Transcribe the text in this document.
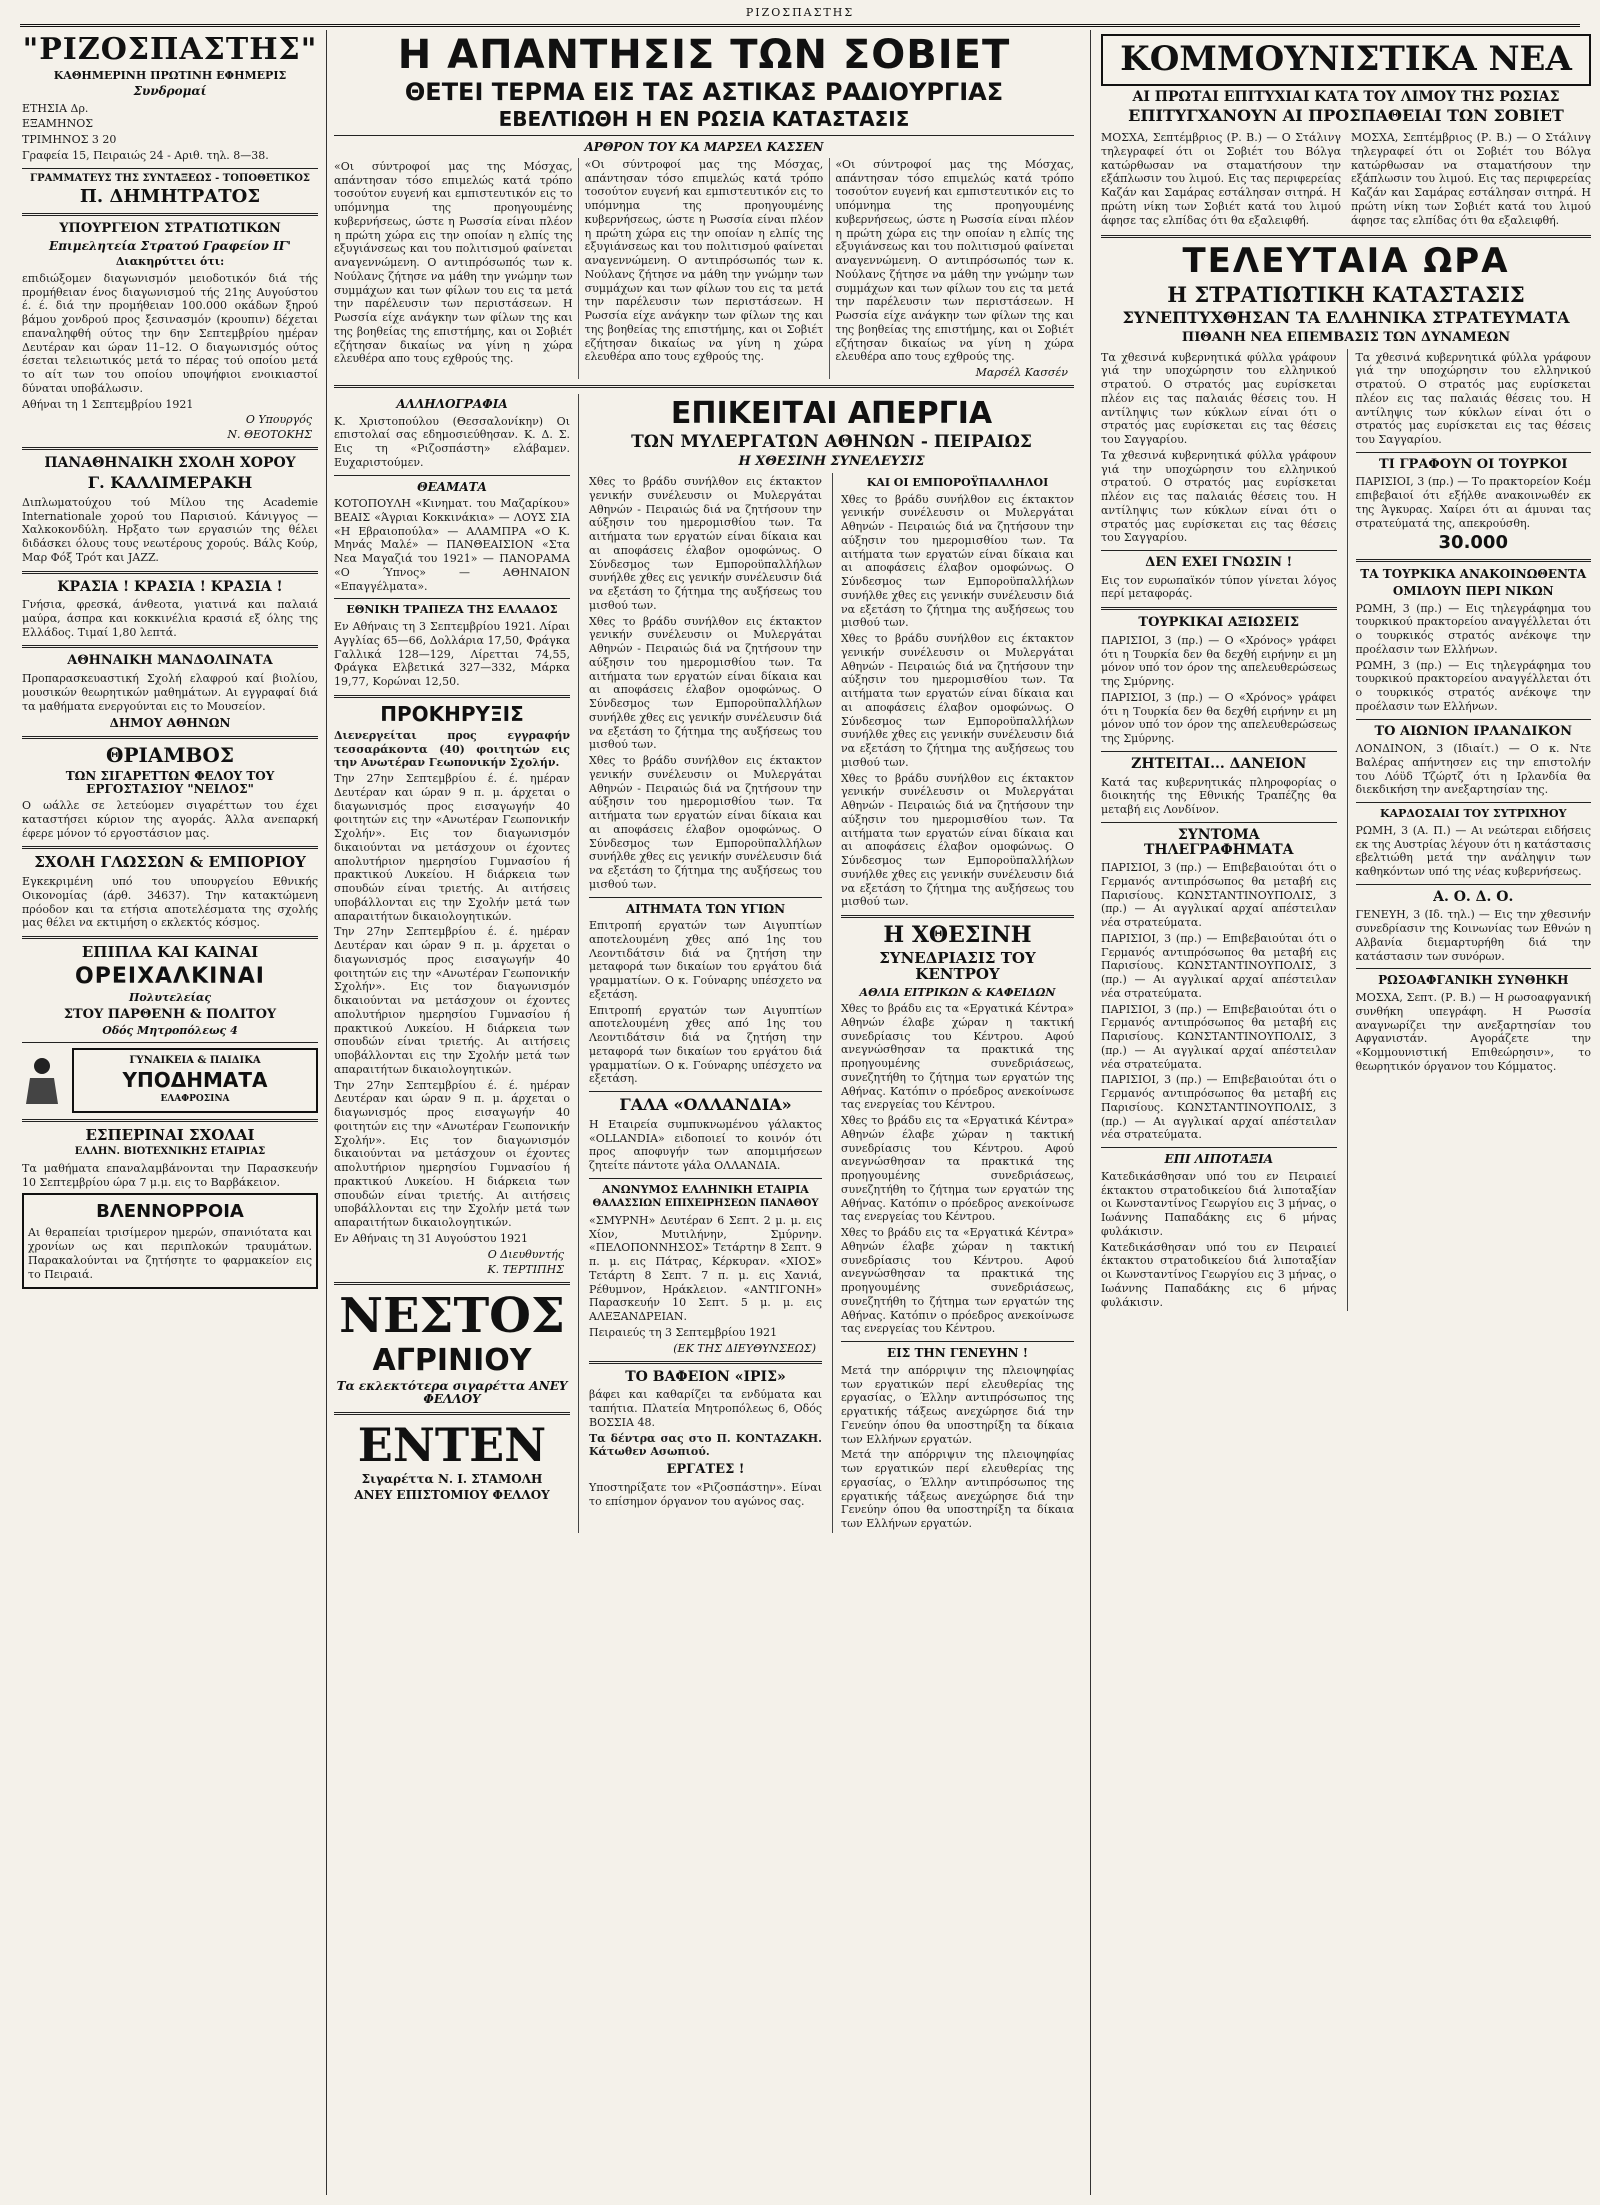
ΡΙΖΟΣΠΑΣΤΗΣ
"ΡΙΖΟΣΠΑΣΤΗΣ"
ΚΑΘΗΜΕΡΙΝΗ ΠΡΩΤΙΝΗ ΕΦΗΜΕΡΙΣ
Συνδρομαί

ΕΤΗΣΙΑ Δρ.

ΕΞΑΜΗΝΟΣ

ΤΡΙΜΗΝΟΣ 3 20

Γραφεία 15, Πειραιώς 24 - Αριθ. τηλ. 8—38.

ΓΡΑΜΜΑΤΕΥΣ ΤΗΣ ΣΥΝΤΑΞΕΩΣ - ΤΟΠΟΘΕΤΙΚΟΣ
Π. ΔΗΜΗΤΡΑΤΟΣ
ΥΠΟΥΡΓΕΙΟΝ ΣΤΡΑΤΙΩΤΙΚΩΝ
Επιμελητεία Στρατού Γραφείον ΙΓ'
Διακηρύττει ότι:

επιδιώξομεν διαγωνισμόν μειοδοτικόν διά τής προμήθειαν ένος διαγωνισμού τής 21ης Αυγούστου έ. έ. διά την προμήθειαν 100.000 οκάδων ξηρού βάμου χονδρού προς ξεσινασμόν (κρουπιν) δέχεται επαναληφθή ούτος την 6ην Σεπτεμβρίου ημέραν Δευτέραν και ώραν 11–12. Ο διαγωνισμός ούτος έσεται τελειωτικός μετά το πέρας τού οποίου μετά το αίτ των του οποίου υποψήφιοι ενοικιαστοί δύναται υποβάλωσιν.

Αθήναι τη 1 Σεπτεμβρίου 1921

Ο Υπουργός
Ν. ΘΕΟΤΟΚΗΣ
ΠΑΝΑΘΗΝΑΙΚΗ ΣΧΟΛΗ ΧΟΡΟΥ
Γ. ΚΑΛΛΙΜΕΡΑΚΗ

Διπλωματούχου τού Μίλου της Academie Internationale χορού του Παρισιού. Κάνιγγος — Χαλκοκονδύλη. Ηρξατο των εργασιών της θέλει διδάσκει όλους τους νεωτέρους χορούς. Βάλς Κούρ, Μαρ Φόξ Τρότ και JAZZ.

ΚΡΑΣΙΑ ! ΚΡΑΣΙΑ ! ΚΡΑΣΙΑ !

Γνήσια, φρεσκά, άνθεοτα, γιατινά και παλαιά μαύρα, άσπρα και κοκκινέλια κρασιά εξ όλης της Ελλάδος. Τιμαί 1,80 λεπτά.

ΑΘΗΝΑΙΚΗ ΜΑΝΔΟΛΙΝΑΤΑ

Προπαρασκευαστική Σχολή ελαφρού καί βιολίου, μουσικών θεωρητικών μαθημάτων. Αι εγγραφαί διά τα μαθήματα ενεργούνται εις το Μουσείον.

ΔΗΜΟΥ ΑΘΗΝΩΝ
ΘΡΙΑΜΒΟΣ
ΤΩΝ ΣΙΓΑΡΕΤΤΩΝ ΦΕΛΟΥ ΤΟΥ ΕΡΓΟΣΤΑΣΙΟΥ "ΝΕΙΛΟΣ"

Ο ωάλλε σε λετεύομεν σιγαρέττων του έχει καταστήσει κύριον της αγοράς. Άλλα ανεπαρκή έφερε μόνον τό εργοστάσιον μας.

ΣΧΟΛΗ ΓΛΩΣΣΩΝ & ΕΜΠΟΡΙΟΥ

Εγκεκριμένη υπό του υπουργείου Εθνικής Οικονομίας (άρθ. 34637). Την κατακτώμενη πρόοδον και τα ετήσια αποτελέσματα της σχολής μας θέλει να εκτιμήση ο εκλεκτός κόσμος.

ΕΠΙΠΛΑ ΚΑΙ ΚΑΙΝΑΙ
ΟΡΕΙΧΑΛΚΙΝΑΙ
Πολυτελείας
ΣΤΟΥ ΠΑΡΘΕΝΗ & ΠΟΛΙΤΟΥ
Οδός Μητροπόλεως 4
ΓΥΝΑΙΚΕΙΑ & ΠΑΙΔΙΚΑ
ΥΠΟΔΗΜΑΤΑ
ΕΛΑΦΡΟΣΙΝΑ
ΕΣΠΕΡΙΝΑΙ ΣΧΟΛΑΙ
ΕΛΛΗΝ. ΒΙΟΤΕΧΝΙΚΗΣ ΕΤΑΙΡΙΑΣ

Τα μαθήματα επαναλαμβάνονται την Παρασκευήν 10 Σεπτεμβρίου ώρα 7 μ.μ. εις το Βαρβάκειον.

ΒΛΕΝΝΟΡΡΟΙΑ

Αι θεραπείαι τρισίμερον ημερών, σπανιότατα και χρονίων ως και περιπλοκών τραυμάτων. Παρακαλούνται να ζητήσητε το φαρμακείον εις το Πειραιά.

Η ΑΠΑΝΤΗΣΙΣ ΤΩΝ ΣΟΒΙΕΤ
ΘΕΤΕΙ ΤΕΡΜΑ ΕΙΣ ΤΑΣ ΑΣΤΙΚΑΣ ΡΑΔΙΟΥΡΓΙΑΣ
ΕΒΕΛΤΙΩΘΗ Η ΕΝ ΡΩΣΙΑ ΚΑΤΑΣΤΑΣΙΣ
ΑΡΘΡΟΝ ΤΟΥ ΚΑ ΜΑΡΣΕΛ ΚΑΣΣΕΝ

«Οι σύντροφοί μας της Μόσχας, απάντησαν τόσο επιμελώς κατά τρόπο τοσούτον ευγενή και εμπιστευτικόν εις το υπόμνημα της προηγουμένης κυβερνήσεως, ώστε η Ρωσσία είναι πλέον η πρώτη χώρα εις την οποίαν η ελπίς της εξυγιάνσεως και του πολιτισμού φαίνεται αναγεννώμενη. Ο αντιπρόσωπός των κ. Νούλανς ζήτησε να μάθη την γνώμην των συμμάχων και των φίλων του εις τα μετά την παρέλευσιν των περιστάσεων. Η Ρωσσία είχε ανάγκην των φίλων της και της βοηθείας της επιστήμης, και οι Σοβιέτ εζήτησαν δικαίως να γίνη η χώρα ελευθέρα απο τους εχθρούς της.

«Οι σύντροφοί μας της Μόσχας, απάντησαν τόσο επιμελώς κατά τρόπο τοσούτον ευγενή και εμπιστευτικόν εις το υπόμνημα της προηγουμένης κυβερνήσεως, ώστε η Ρωσσία είναι πλέον η πρώτη χώρα εις την οποίαν η ελπίς της εξυγιάνσεως και του πολιτισμού φαίνεται αναγεννώμενη. Ο αντιπρόσωπός των κ. Νούλανς ζήτησε να μάθη την γνώμην των συμμάχων και των φίλων του εις τα μετά την παρέλευσιν των περιστάσεων. Η Ρωσσία είχε ανάγκην των φίλων της και της βοηθείας της επιστήμης, και οι Σοβιέτ εζήτησαν δικαίως να γίνη η χώρα ελευθέρα απο τους εχθρούς της.

«Οι σύντροφοί μας της Μόσχας, απάντησαν τόσο επιμελώς κατά τρόπο τοσούτον ευγενή και εμπιστευτικόν εις το υπόμνημα της προηγουμένης κυβερνήσεως, ώστε η Ρωσσία είναι πλέον η πρώτη χώρα εις την οποίαν η ελπίς της εξυγιάνσεως και του πολιτισμού φαίνεται αναγεννώμενη. Ο αντιπρόσωπός των κ. Νούλανς ζήτησε να μάθη την γνώμην των συμμάχων και των φίλων του εις τα μετά την παρέλευσιν των περιστάσεων. Η Ρωσσία είχε ανάγκην των φίλων της και της βοηθείας της επιστήμης, και οι Σοβιέτ εζήτησαν δικαίως να γίνη η χώρα ελευθέρα απο τους εχθρούς της.

Μαρσέλ Κασσέν
ΑΛΛΗΛΟΓΡΑΦΙΑ

Κ. Χριστοπούλου (Θεσσαλονίκην) Οι επιστολαί σας εδημοσιεύθησαν. Κ. Δ. Σ. Εις τη «Ριζοσπάστη» ελάβαμεν. Ευχαριστούμεν.

ΘΕΑΜΑΤΑ

ΚΟΤΟΠΟΥΛΗ «Κινηματ. του Μαζαρίκου» ΒΕΑΙΣ «Άγριαι Κοκκινάκια» — ΛΟΥΣ ΣΙΑ «Η Εβραιοπούλα» — ΑΛΑΜΠΡΑ «Ο Κ. Μηνάς Μαλέ» — ΠΑΝΘΕΑΙΣΙΟΝ «Στα Νεα Μαγαζιά του 1921» — ΠΑΝΟΡΑΜΑ «Ο Ύπνος» — ΑΘΗΝΑΙΟΝ «Επαγγέλματα».

ΕΘΝΙΚΗ ΤΡΑΠΕΖΑ ΤΗΣ ΕΛΛΑΔΟΣ

Εν Αθήναις τη 3 Σεπτεμβρίου 1921. Λίραι Αγγλίας 65—66, Δολλάρια 17,50, Φράγκα Γαλλικά 128—129, Λίρετται 74,55, Φράγκα Ελβετικά 327—332, Μάρκα 19,77, Κορώναι 12,50.

ΠΡΟΚΗΡΥΞΙΣ

Διενεργείται προς εγγραφήν τεσσαράκοντα (40) φοιτητών εις την Ανωτέραν Γεωπονικήν Σχολήν.

Την 27ην Σεπτεμβρίου έ. έ. ημέραν Δευτέραν και ώραν 9 π. μ. άρχεται ο διαγωνισμός προς εισαγωγήν 40 φοιτητών εις την «Ανωτέραν Γεωπονικήν Σχολήν». Εις τον διαγωνισμόν δικαιούνται να μετάσχουν οι έχοντες απολυτήριον ημερησίου Γυμνασίου ή πρακτικού Λυκείου. Η διάρκεια των σπουδών είναι τριετής. Αι αιτήσεις υποβάλλονται εις την Σχολήν μετά των απαραιτήτων δικαιολογητικών.

Την 27ην Σεπτεμβρίου έ. έ. ημέραν Δευτέραν και ώραν 9 π. μ. άρχεται ο διαγωνισμός προς εισαγωγήν 40 φοιτητών εις την «Ανωτέραν Γεωπονικήν Σχολήν». Εις τον διαγωνισμόν δικαιούνται να μετάσχουν οι έχοντες απολυτήριον ημερησίου Γυμνασίου ή πρακτικού Λυκείου. Η διάρκεια των σπουδών είναι τριετής. Αι αιτήσεις υποβάλλονται εις την Σχολήν μετά των απαραιτήτων δικαιολογητικών.

Την 27ην Σεπτεμβρίου έ. έ. ημέραν Δευτέραν και ώραν 9 π. μ. άρχεται ο διαγωνισμός προς εισαγωγήν 40 φοιτητών εις την «Ανωτέραν Γεωπονικήν Σχολήν». Εις τον διαγωνισμόν δικαιούνται να μετάσχουν οι έχοντες απολυτήριον ημερησίου Γυμνασίου ή πρακτικού Λυκείου. Η διάρκεια των σπουδών είναι τριετής. Αι αιτήσεις υποβάλλονται εις την Σχολήν μετά των απαραιτήτων δικαιολογητικών.

Εν Αθήναις τη 31 Αυγούστου 1921

Ο Διευθυντής
Κ. ΤΕΡΤΙΠΗΣ
ΝΕΣΤΟΣ
ΑΓΡΙΝΙΟΥ
Τα εκλεκτότερα σιγαρέττα ΑΝΕΥ ΦΕΛΛΟΥ
ΕΝΤΕΝ
Σιγαρέττα Ν. Ι. ΣΤΑΜΟΛΗ
ΑΝΕΥ ΕΠΙΣΤΟΜΙΟΥ ΦΕΛΛΟΥ
ΕΠΙΚΕΙΤΑΙ ΑΠΕΡΓΙΑ
ΤΩΝ ΜΥΛΕΡΓΑΤΩΝ ΑΘΗΝΩΝ - ΠΕΙΡΑΙΩΣ
Η ΧΘΕΣΙΝΗ ΣΥΝΕΛΕΥΣΙΣ

Χθες το βράδυ συνήλθον εις έκτακτον γενικήν συνέλευσιν οι Μυλεργάται Αθηνών - Πειραιώς διά να ζητήσουν την αύξησιν του ημερομισθίου των. Τα αιτήματα των εργατών είναι δίκαια και αι αποφάσεις έλαβον ομοφώνως. Ο Σύνδεσμος των Εμποροϋπαλλήλων συνήλθε χθες εις γενικήν συνέλευσιν διά να εξετάση το ζήτημα της αυξήσεως του μισθού των.

Χθες το βράδυ συνήλθον εις έκτακτον γενικήν συνέλευσιν οι Μυλεργάται Αθηνών - Πειραιώς διά να ζητήσουν την αύξησιν του ημερομισθίου των. Τα αιτήματα των εργατών είναι δίκαια και αι αποφάσεις έλαβον ομοφώνως. Ο Σύνδεσμος των Εμποροϋπαλλήλων συνήλθε χθες εις γενικήν συνέλευσιν διά να εξετάση το ζήτημα της αυξήσεως του μισθού των.

Χθες το βράδυ συνήλθον εις έκτακτον γενικήν συνέλευσιν οι Μυλεργάται Αθηνών - Πειραιώς διά να ζητήσουν την αύξησιν του ημερομισθίου των. Τα αιτήματα των εργατών είναι δίκαια και αι αποφάσεις έλαβον ομοφώνως. Ο Σύνδεσμος των Εμποροϋπαλλήλων συνήλθε χθες εις γενικήν συνέλευσιν διά να εξετάση το ζήτημα της αυξήσεως του μισθού των.

ΑΙΤΗΜΑΤΑ ΤΩΝ ΥΓΙΩΝ

Επιτροπή εργατών των Αιγυπτίων αποτελουμένη χθες από 1ης του Λεοντιδάτσιν διά να ζητήση την μεταφορά των δικαίων του εργάτου διά γραμματίων. Ο κ. Γούναρης υπέσχετο να εξετάση.

Επιτροπή εργατών των Αιγυπτίων αποτελουμένη χθες από 1ης του Λεοντιδάτσιν διά να ζητήση την μεταφορά των δικαίων του εργάτου διά γραμματίων. Ο κ. Γούναρης υπέσχετο να εξετάση.

ΓΑΛΑ «ΟΛΛΑΝΔΙΑ»

Η Εταιρεία συμπυκνωμένου γάλακτος «OLLANDIA» ειδοποιεί το κοινόν ότι προς αποφυγήν των απομιμήσεων ζητείτε πάντοτε γάλα ΟΛΛΑΝΔΙΑ.

ΑΝΩΝΥΜΟΣ ΕΛΛΗΝΙΚΗ ΕΤΑΙΡΙΑ
ΘΑΛΑΣΣΙΩΝ ΕΠΙΧΕΙΡΗΣΕΩΝ ΠΑΝΑΘΟΥ

«ΣΜΥΡΝΗ» Δευτέραν 6 Σεπτ. 2 μ. μ. εις Χίον, Μυτιλήνην, Σμύρνην. «ΠΕΛΟΠΟΝΝΗΣΟΣ» Τετάρτην 8 Σεπτ. 9 π. μ. εις Πάτρας, Κέρκυραν. «ΧΙΟΣ» Τετάρτη 8 Σεπτ. 7 π. μ. εις Χανιά, Ρέθυμνον, Ηράκλειον. «ΑΝΤΙΓΟΝΗ» Παρασκευήν 10 Σεπτ. 5 μ. μ. εις ΑΛΕΞΑΝΔΡΕΙΑΝ.

Πειραιεύς τη 3 Σεπτεμβρίου 1921

(ΕΚ ΤΗΣ ΔΙΕΥΘΥΝΣΕΩΣ)
ΤΟ ΒΑΦΕΙΟΝ «ΙΡΙΣ»

βάφει και καθαρίζει τα ενδύματα και ταπήτια. Πλατεία Μητροπόλεως 6, Οδός ΒΟΣΣΙΑ 48.

Τα δέντρα σας στο Π. ΚΟΝΤΑΖΑΚΗ. Κάτωθεν Ασωπιού.

ΕΡΓΑΤΕΣ !

Υποστηρίξατε τον «Ριζοσπάστην». Είναι το επίσημον όργανον του αγώνος σας.

ΚΑΙ ΟΙ ΕΜΠΟΡΟΫΠΑΛΛΗΛΟΙ

Χθες το βράδυ συνήλθον εις έκτακτον γενικήν συνέλευσιν οι Μυλεργάται Αθηνών - Πειραιώς διά να ζητήσουν την αύξησιν του ημερομισθίου των. Τα αιτήματα των εργατών είναι δίκαια και αι αποφάσεις έλαβον ομοφώνως. Ο Σύνδεσμος των Εμποροϋπαλλήλων συνήλθε χθες εις γενικήν συνέλευσιν διά να εξετάση το ζήτημα της αυξήσεως του μισθού των.

Χθες το βράδυ συνήλθον εις έκτακτον γενικήν συνέλευσιν οι Μυλεργάται Αθηνών - Πειραιώς διά να ζητήσουν την αύξησιν του ημερομισθίου των. Τα αιτήματα των εργατών είναι δίκαια και αι αποφάσεις έλαβον ομοφώνως. Ο Σύνδεσμος των Εμποροϋπαλλήλων συνήλθε χθες εις γενικήν συνέλευσιν διά να εξετάση το ζήτημα της αυξήσεως του μισθού των.

Χθες το βράδυ συνήλθον εις έκτακτον γενικήν συνέλευσιν οι Μυλεργάται Αθηνών - Πειραιώς διά να ζητήσουν την αύξησιν του ημερομισθίου των. Τα αιτήματα των εργατών είναι δίκαια και αι αποφάσεις έλαβον ομοφώνως. Ο Σύνδεσμος των Εμποροϋπαλλήλων συνήλθε χθες εις γενικήν συνέλευσιν διά να εξετάση το ζήτημα της αυξήσεως του μισθού των.

Η ΧΘΕΣΙΝΗ
ΣΥΝΕΔΡΙΑΣΙΣ ΤΟΥ ΚΕΝΤΡΟΥ
ΑΘΛΙΑ ΕΙΤΡΙΚΩΝ & ΚΑΦΕΙΔΩΝ

Χθες το βράδυ εις τα «Εργατικά Κέντρα» Αθηνών έλαβε χώραν η τακτική συνεδρίασις του Κέντρου. Αφού ανεγνώσθησαν τα πρακτικά της προηγουμένης συνεδριάσεως, συνεζητήθη το ζήτημα των εργατών της Αθήνας. Κατόπιν ο πρόεδρος ανεκοίνωσε τας ενεργείας του Κέντρου.

Χθες το βράδυ εις τα «Εργατικά Κέντρα» Αθηνών έλαβε χώραν η τακτική συνεδρίασις του Κέντρου. Αφού ανεγνώσθησαν τα πρακτικά της προηγουμένης συνεδριάσεως, συνεζητήθη το ζήτημα των εργατών της Αθήνας. Κατόπιν ο πρόεδρος ανεκοίνωσε τας ενεργείας του Κέντρου.

Χθες το βράδυ εις τα «Εργατικά Κέντρα» Αθηνών έλαβε χώραν η τακτική συνεδρίασις του Κέντρου. Αφού ανεγνώσθησαν τα πρακτικά της προηγουμένης συνεδριάσεως, συνεζητήθη το ζήτημα των εργατών της Αθήνας. Κατόπιν ο πρόεδρος ανεκοίνωσε τας ενεργείας του Κέντρου.

ΕΙΣ ΤΗΝ ΓΕΝΕΥΗΝ !

Μετά την απόρριψιν της πλειοψηφίας των εργατικών περί ελευθερίας της εργασίας, ο Έλλην αντιπρόσωπος της εργατικής τάξεως ανεχώρησε διά την Γενεύην όπου θα υποστηρίξη τα δίκαια των Ελλήνων εργατών.

Μετά την απόρριψιν της πλειοψηφίας των εργατικών περί ελευθερίας της εργασίας, ο Έλλην αντιπρόσωπος της εργατικής τάξεως ανεχώρησε διά την Γενεύην όπου θα υποστηρίξη τα δίκαια των Ελλήνων εργατών.

ΚΟΜΜΟΥΝΙΣΤΙΚΑ ΝΕΑ
ΑΙ ΠΡΩΤΑΙ ΕΠΙΤΥΧΙΑΙ ΚΑΤΑ ΤΟΥ ΛΙΜΟΥ ΤΗΣ ΡΩΣΙΑΣ
ΕΠΙΤΥΓΧΑΝΟΥΝ ΑΙ ΠΡΟΣΠΑΘΕΙΑΙ ΤΩΝ ΣΟΒΙΕΤ

ΜΟΣΧΑ, Σεπτέμβριος (Ρ. Β.) — Ο Στάλινγ τηλεγραφεί ότι οι Σοβιέτ του Βόλγα κατώρθωσαν να σταματήσουν την εξάπλωσιν του λιμού. Εις τας περιφερείας Καζάν και Σαμάρας εστάλησαν σιτηρά. Η πρώτη νίκη των Σοβιέτ κατά του λιμού άφησε τας ελπίδας ότι θα εξαλειφθή.

ΜΟΣΧΑ, Σεπτέμβριος (Ρ. Β.) — Ο Στάλινγ τηλεγραφεί ότι οι Σοβιέτ του Βόλγα κατώρθωσαν να σταματήσουν την εξάπλωσιν του λιμού. Εις τας περιφερείας Καζάν και Σαμάρας εστάλησαν σιτηρά. Η πρώτη νίκη των Σοβιέτ κατά του λιμού άφησε τας ελπίδας ότι θα εξαλειφθή.

ΤΕΛΕΥΤΑΙΑ ΩΡΑ
Η ΣΤΡΑΤΙΩΤΙΚΗ ΚΑΤΑΣΤΑΣΙΣ
ΣΥΝΕΠΤΥΧΘΗΣΑΝ ΤΑ ΕΛΛΗΝΙΚΑ ΣΤΡΑΤΕΥΜΑΤΑ
ΠΙΘΑΝΗ ΝΕΑ ΕΠΕΜΒΑΣΙΣ ΤΩΝ ΔΥΝΑΜΕΩΝ

Τα χθεσινά κυβερνητικά φύλλα γράφουν γιά την υποχώρησιν του ελληνικού στρατού. Ο στρατός μας ευρίσκεται πλέον εις τας παλαιάς θέσεις του. Η αντίληψις των κύκλων είναι ότι ο στρατός μας ευρίσκεται εις τας θέσεις του Σαγγαρίου.

Τα χθεσινά κυβερνητικά φύλλα γράφουν γιά την υποχώρησιν του ελληνικού στρατού. Ο στρατός μας ευρίσκεται πλέον εις τας παλαιάς θέσεις του. Η αντίληψις των κύκλων είναι ότι ο στρατός μας ευρίσκεται εις τας θέσεις του Σαγγαρίου.

ΔΕΝ ΕΧΕΙ ΓΝΩΣΙΝ !

Εις τον ευρωπαϊκόν τύπον γίνεται λόγος περί μεταφοράς.

ΤΟΥΡΚΙΚΑΙ ΑΞΙΩΣΕΙΣ

ΠΑΡΙΣΙΟΙ, 3 (πρ.) — Ο «Χρόνος» γράφει ότι η Τουρκία δεν θα δεχθή ειρήνην ει μη μόνον υπό τον όρον της απελευθερώσεως της Σμύρνης.

ΠΑΡΙΣΙΟΙ, 3 (πρ.) — Ο «Χρόνος» γράφει ότι η Τουρκία δεν θα δεχθή ειρήνην ει μη μόνον υπό τον όρον της απελευθερώσεως της Σμύρνης.

ΖΗΤΕΙΤΑΙ... ΔΑΝΕΙΟΝ

Κατά τας κυβερνητικάς πληροφορίας ο διοικητής της Εθνικής Τραπέζης θα μεταβή εις Λονδίνον.

ΣΥΝΤΟΜΑ ΤΗΛΕΓΡΑΦΗΜΑΤΑ

ΠΑΡΙΣΙΟΙ, 3 (πρ.) — Επιβεβαιούται ότι ο Γερμανός αντιπρόσωπος θα μεταβή εις Παρισίους. ΚΩΝΣΤΑΝΤΙΝΟΥΠΟΛΙΣ, 3 (πρ.) — Αι αγγλικαί αρχαί απέστειλαν νέα στρατεύματα.

ΠΑΡΙΣΙΟΙ, 3 (πρ.) — Επιβεβαιούται ότι ο Γερμανός αντιπρόσωπος θα μεταβή εις Παρισίους. ΚΩΝΣΤΑΝΤΙΝΟΥΠΟΛΙΣ, 3 (πρ.) — Αι αγγλικαί αρχαί απέστειλαν νέα στρατεύματα.

ΠΑΡΙΣΙΟΙ, 3 (πρ.) — Επιβεβαιούται ότι ο Γερμανός αντιπρόσωπος θα μεταβή εις Παρισίους. ΚΩΝΣΤΑΝΤΙΝΟΥΠΟΛΙΣ, 3 (πρ.) — Αι αγγλικαί αρχαί απέστειλαν νέα στρατεύματα.

ΠΑΡΙΣΙΟΙ, 3 (πρ.) — Επιβεβαιούται ότι ο Γερμανός αντιπρόσωπος θα μεταβή εις Παρισίους. ΚΩΝΣΤΑΝΤΙΝΟΥΠΟΛΙΣ, 3 (πρ.) — Αι αγγλικαί αρχαί απέστειλαν νέα στρατεύματα.

ΕΠΙ ΛΙΠΟΤΑΞΙΑ

Κατεδικάσθησαν υπό του εν Πειραιεί έκτακτου στρατοδικείου διά λιποταξίαν οι Κωνσταντίνος Γεωργίου εις 3 μήνας, ο Ιωάννης Παπαδάκης εις 6 μήνας φυλάκισιν.

Κατεδικάσθησαν υπό του εν Πειραιεί έκτακτου στρατοδικείου διά λιποταξίαν οι Κωνσταντίνος Γεωργίου εις 3 μήνας, ο Ιωάννης Παπαδάκης εις 6 μήνας φυλάκισιν.

Τα χθεσινά κυβερνητικά φύλλα γράφουν γιά την υποχώρησιν του ελληνικού στρατού. Ο στρατός μας ευρίσκεται πλέον εις τας παλαιάς θέσεις του. Η αντίληψις των κύκλων είναι ότι ο στρατός μας ευρίσκεται εις τας θέσεις του Σαγγαρίου.

ΤΙ ΓΡΑΦΟΥΝ ΟΙ ΤΟΥΡΚΟΙ

ΠΑΡΙΣΙΟΙ, 3 (πρ.) — Το πρακτορείον Κοέμ επιβεβαιοί ότι εξήλθε ανακοινωθέν εκ της Άγκυρας. Χαίρει ότι αι άμυναι τας στρατεύματά της, απεκρούσθη.

30.000
ΤΑ ΤΟΥΡΚΙΚΑ ΑΝΑΚΟΙΝΩΘΕΝΤΑ
ΟΜΙΛΟΥΝ ΠΕΡΙ ΝΙΚΩΝ

ΡΩΜΗ, 3 (πρ.) — Εις τηλεγράφημα του τουρκικού πρακτορείου αναγγέλλεται ότι ο τουρκικός στρατός ανέκοψε την προέλασιν των Ελλήνων.

ΡΩΜΗ, 3 (πρ.) — Εις τηλεγράφημα του τουρκικού πρακτορείου αναγγέλλεται ότι ο τουρκικός στρατός ανέκοψε την προέλασιν των Ελλήνων.

ΤΟ ΑΙΩΝΙΟΝ ΙΡΛΑΝΔΙΚΟΝ

ΛΟΝΔΙΝΟΝ, 3 (Ιδιαίτ.) — Ο κ. Ντε Βαλέρας απήντησεν εις την επιστολήν του Λόϋδ Τζώρτζ ότι η Ιρλανδία θα διεκδικήση την ανεξαρτησίαν της.

ΚΑΡΔΟΣΑΙΑΙ ΤΟΥ ΣΥΤΡΙΧΗΟΥ

ΡΩΜΗ, 3 (Α. Π.) — Αι νεώτεραι ειδήσεις εκ της Αυστρίας λέγουν ότι η κατάστασις εβελτιώθη μετά την ανάληψιν των καθηκόντων υπό της νέας κυβερνήσεως.

Α. Ο. Δ. Ο.

ΓΕΝΕΥΗ, 3 (Ιδ. τηλ.) — Εις την χθεσινήν συνεδρίασιν της Κοινωνίας των Εθνών η Αλβανία διεμαρτυρήθη διά την κατάστασιν των συνόρων.

ΡΩΣΟΑΦΓΑΝΙΚΗ ΣΥΝΘΗΚΗ

ΜΟΣΧΑ, Σεπτ. (Ρ. Β.) — Η ρωσοαφγανική συνθήκη υπεγράφη. Η Ρωσσία αναγνωρίζει την ανεξαρτησίαν του Αφγανιστάν. Αγοράζετε την «Κομμουνιστική Επιθεώρησιν», το θεωρητικόν όργανον του Κόμματος.
